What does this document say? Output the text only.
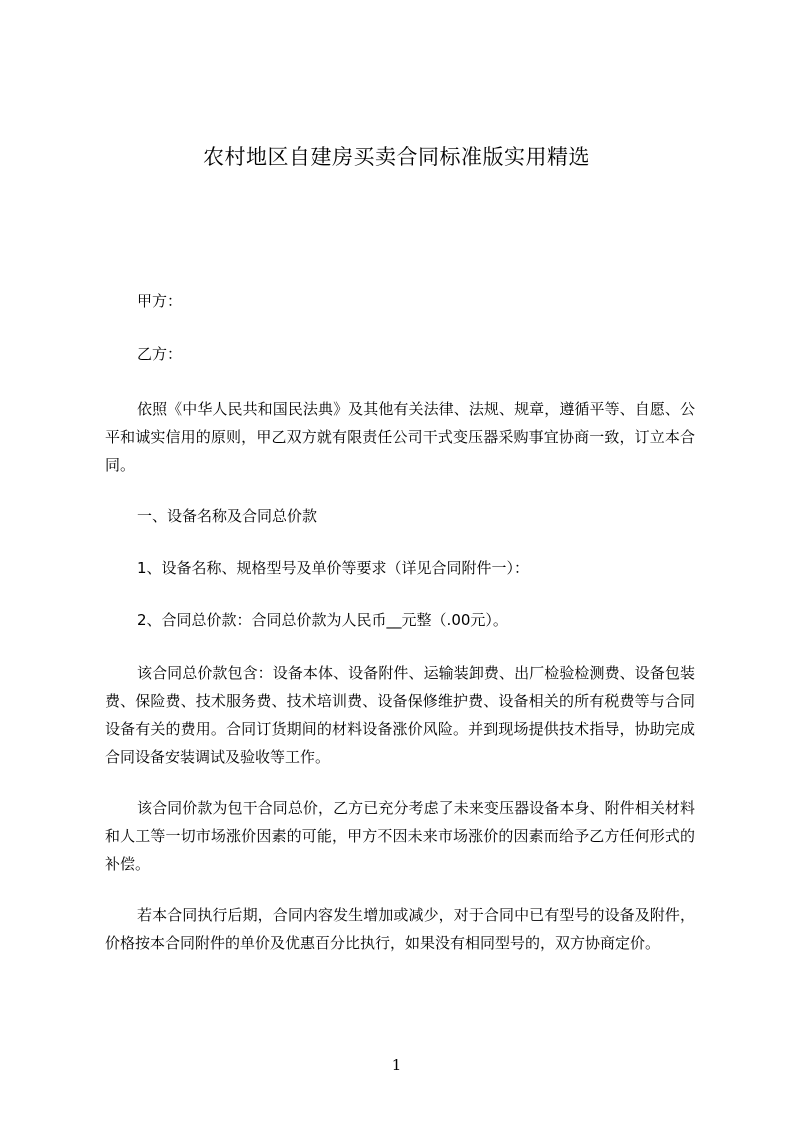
农村地区自建房买卖合同标准版实用精选
甲方：
乙方：
依照《中华人民共和国民法典》及其他有关法律、法规、规章，遵循平等、自愿、公平和诚实信用的原则，甲乙双方就有限责任公司干式变压器采购事宜协商一致，订立本合同。
一、设备名称及合同总价款
1、设备名称、规格型号及单价等要求（详见合同附件一）：
2、合同总价款：合同总价款为人民币__元整（.00元）。
该合同总价款包含：设备本体、设备附件、运输装卸费、出厂检验检测费、设备包装费、保险费、技术服务费、技术培训费、设备保修维护费、设备相关的所有税费等与合同设备有关的费用。合同订货期间的材料设备涨价风险。并到现场提供技术指导，协助完成合同设备安装调试及验收等工作。
该合同价款为包干合同总价，乙方已充分考虑了未来变压器设备本身、附件相关材料和人工等一切市场涨价因素的可能，甲方不因未来市场涨价的因素而给予乙方任何形式的补偿。
若本合同执行后期，合同内容发生增加或减少，对于合同中已有型号的设备及附件，价格按本合同附件的单价及优惠百分比执行，如果没有相同型号的，双方协商定价。
1
